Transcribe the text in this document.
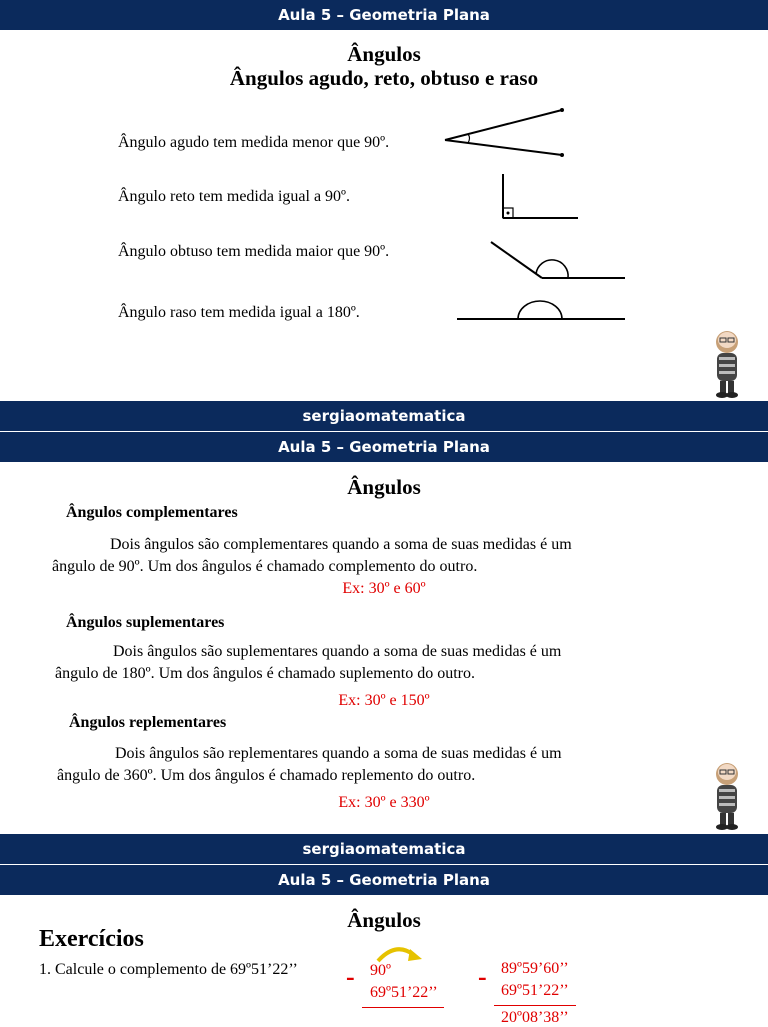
Aula 5 – Geometria Plana
Ângulos
Ângulos agudo, reto, obtuso e raso
Ângulo agudo tem medida menor que 90º.
Ângulo reto tem medida igual a 90º.
Ângulo obtuso tem medida maior que 90º.
Ângulo raso tem medida igual a 180º.
sergiaomatematica
Aula 5 – Geometria Plana
Ângulos
Ângulos complementares
Dois ângulos são complementares quando a soma de suas medidas é um
ângulo de 90º. Um dos ângulos é chamado complemento do outro.
Ex: 30º e 60º
Ângulos suplementares
Dois ângulos são suplementares quando a soma de suas medidas é um
ângulo de 180º. Um dos ângulos é chamado suplemento do outro.
Ex: 30º e 150º
Ângulos replementares
Dois ângulos são replementares quando a soma de suas medidas é um
ângulo de 360º. Um dos ângulos é chamado replemento do outro.
Ex: 30º e 330º
sergiaomatematica
Aula 5 – Geometria Plana
Ângulos
Exercícios
1. Calcule o complemento de 69º51’22’’ - 90º
69º51’22’’
- 89º59’60’’
69º51’22’’
20º08’38’’
